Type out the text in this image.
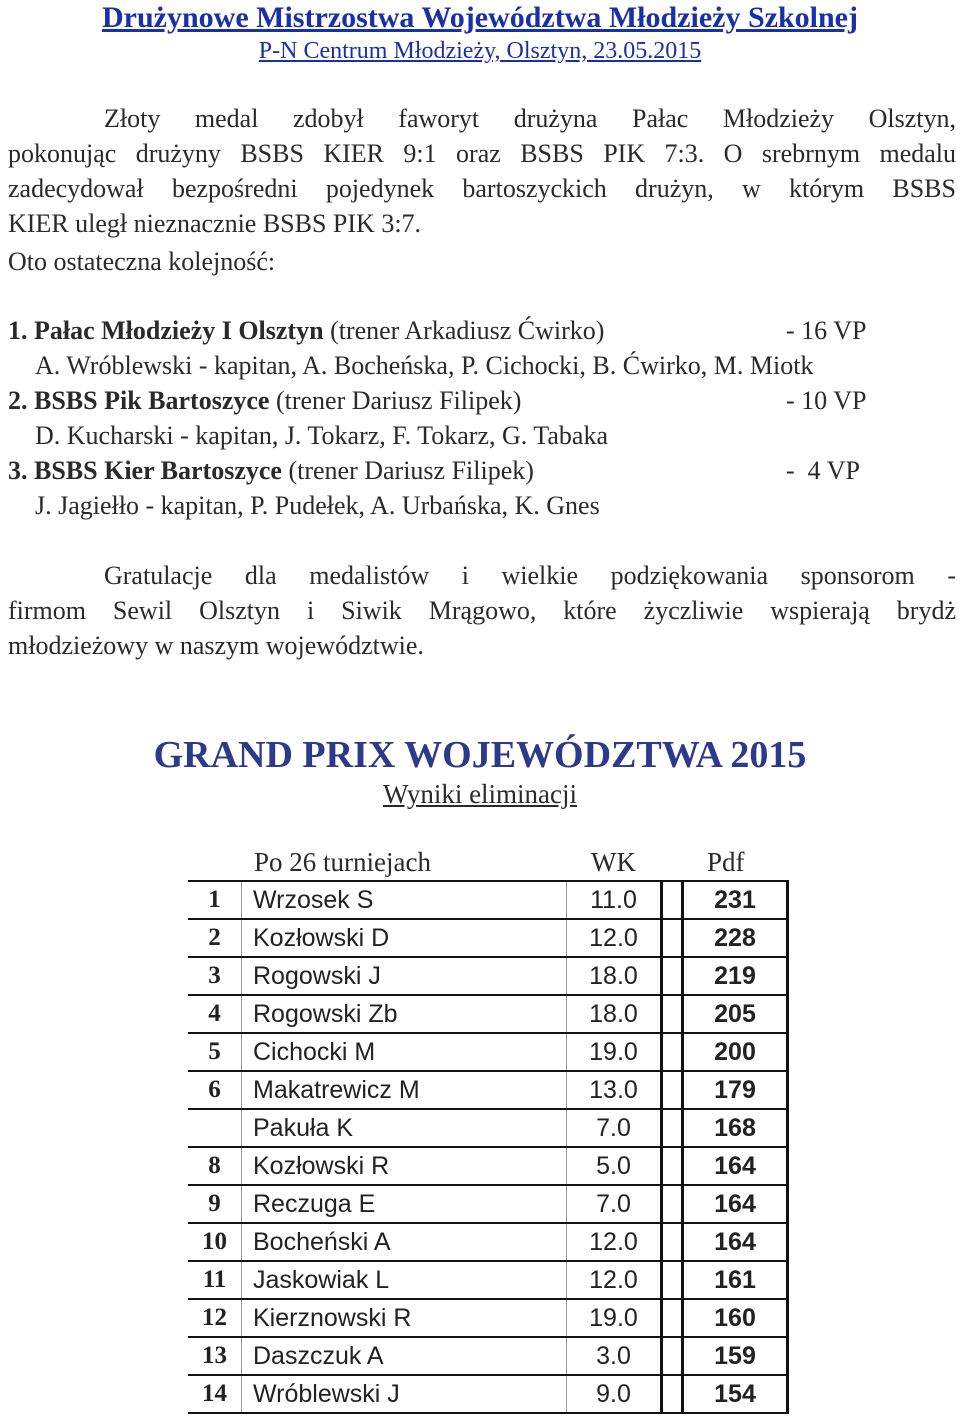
Drużynowe Mistrzostwa Województwa Młodzieży Szkolnej
P-N Centrum Młodzieży, Olsztyn, 23.05.2015
Złoty medal zdobył faworyt drużyna Pałac Młodzieży Olsztyn,
pokonując drużyny BSBS KIER 9:1 oraz BSBS PIK 7:3. O srebrnym medalu
zadecydował bezpośredni pojedynek bartoszyckich drużyn, w którym BSBS
KIER uległ nieznacznie BSBS PIK 3:7.
Oto ostateczna kolejność:
1. Pałac Młodzieży I Olsztyn (trener Arkadiusz Ćwirko)	- 16 VP
A. Wróblewski - kapitan, A. Bocheńska, P. Cichocki, B. Ćwirko, M. Miotk
2. BSBS Pik Bartoszyce (trener Dariusz Filipek)	- 10 VP
D. Kucharski - kapitan, J. Tokarz, F. Tokarz, G. Tabaka
3. BSBS Kier Bartoszyce (trener Dariusz Filipek)	-  4 VP
J. Jagiełło - kapitan, P. Pudełek, A. Urbańska, K. Gnes
Gratulacje dla medalistów i wielkie podziękowania sponsorom -
firmom Sewil Olsztyn i Siwik Mrągowo, które życzliwie wspierają brydż
młodzieżowy w naszym województwie.
GRAND PRIX WOJEWÓDZTWA 2015
Wyniki eliminacji
Po 26 turniejach	WK	Pdf
1	Wrzosek S	11.0		231
2	Kozłowski D	12.0		228
3	Rogowski J	18.0		219
4	Rogowski Zb	18.0		205
5	Cichocki M	19.0		200
6	Makatrewicz M	13.0		179
	Pakuła K	7.0		168
8	Kozłowski R	5.0		164
9	Reczuga E	7.0		164
10	Bocheński A	12.0		164
11	Jaskowiak L	12.0		161
12	Kierznowski R	19.0		160
13	Daszczuk A	3.0		159
14	Wróblewski J	9.0		154
